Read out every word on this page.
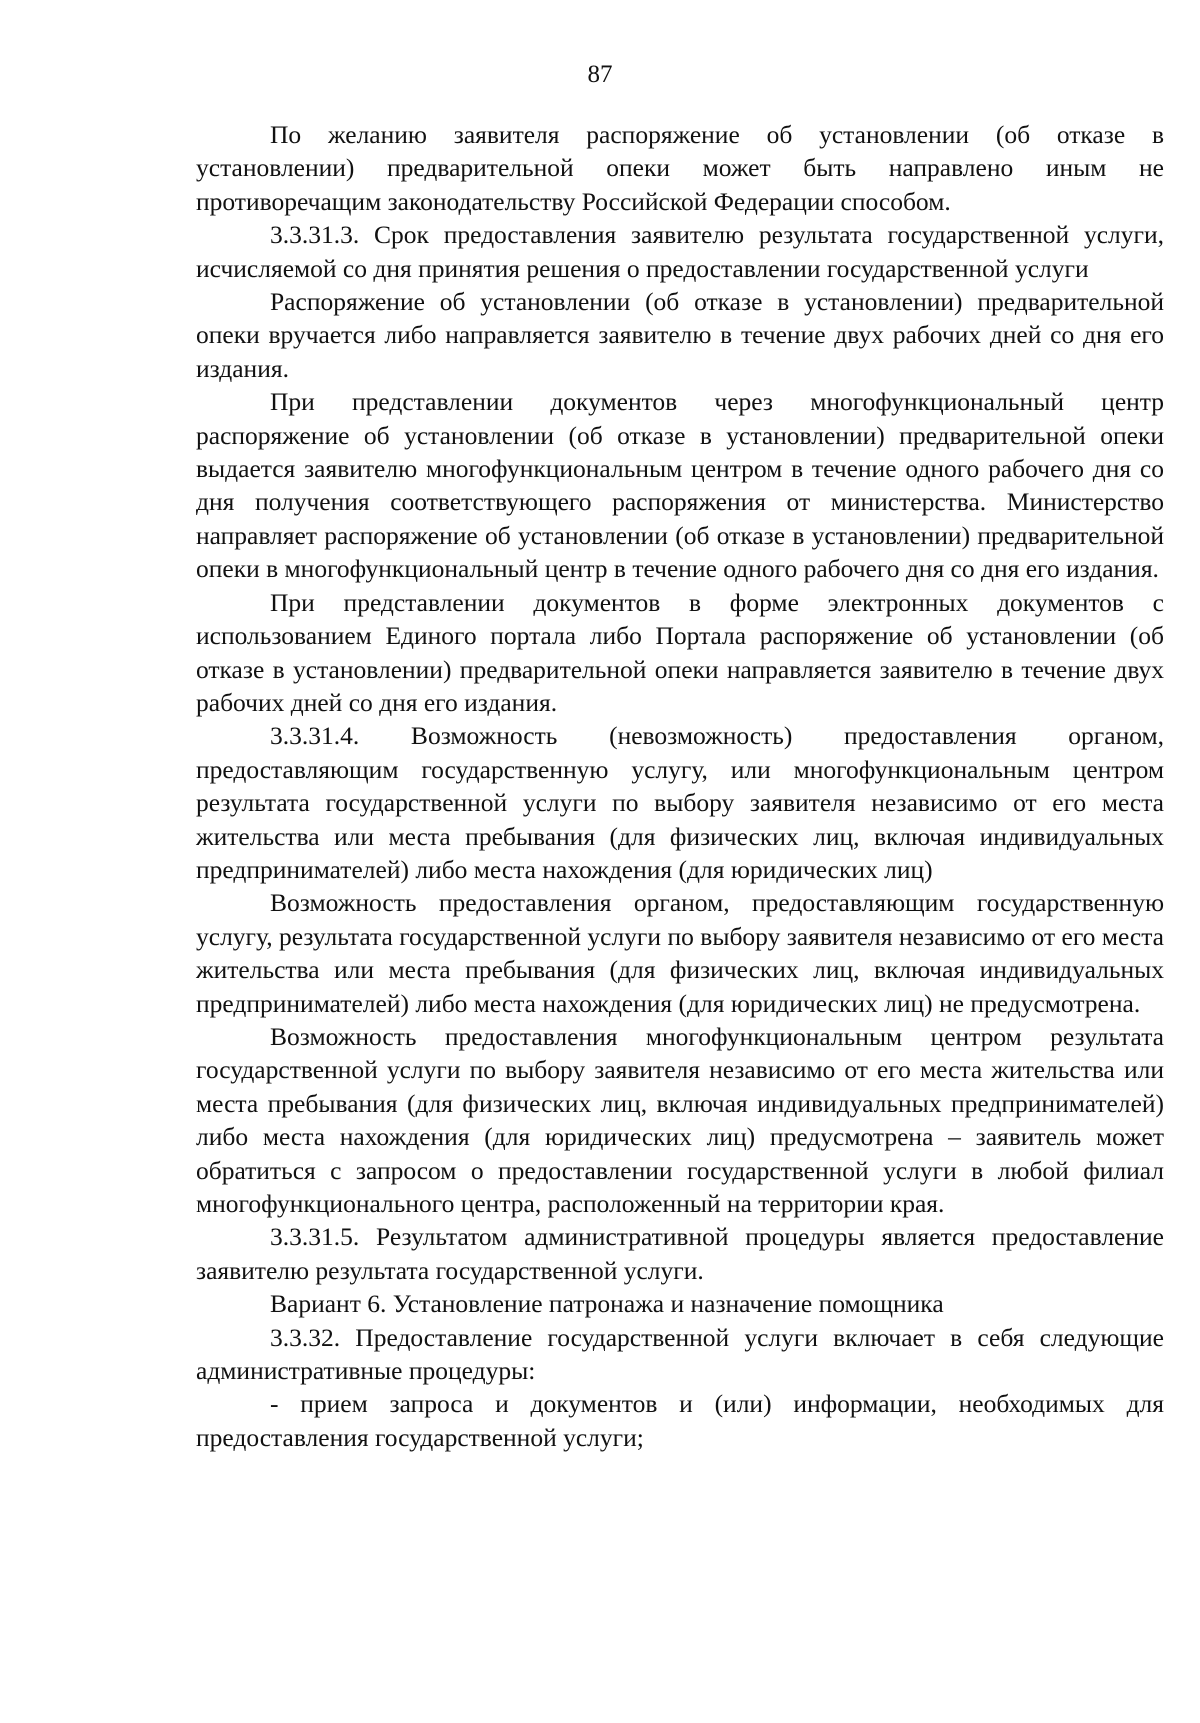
87

По желанию заявителя распоряжение об установлении (об отказе в установлении) предварительной опеки может быть направлено иным не противоречащим законодательству Российской Федерации способом.

3.3.31.3. Срок предоставления заявителю результата государственной услуги, исчисляемой со дня принятия решения о предоставлении государственной услуги

Распоряжение об установлении (об отказе в установлении) предварительной опеки вручается либо направляется заявителю в течение двух рабочих дней со дня его издания.

При представлении документов через многофункциональный центр распоряжение об установлении (об отказе в установлении) предварительной опеки выдается заявителю многофункциональным центром в течение одного рабочего дня со дня получения соответствующего распоряжения от министерства. Министерство направляет распоряжение об установлении (об отказе в установлении) предварительной опеки в многофункциональный центр в течение одного рабочего дня со дня его издания.

При представлении документов в форме электронных документов с использованием Единого портала либо Портала распоряжение об установлении (об отказе в установлении) предварительной опеки направляется заявителю в течение двух рабочих дней со дня его издания.

3.3.31.4. Возможность (невозможность) предоставления органом, предоставляющим государственную услугу, или многофункциональным центром результата государственной услуги по выбору заявителя независимо от его места жительства или места пребывания (для физических лиц, включая индивидуальных предпринимателей) либо места нахождения (для юридических лиц)

Возможность предоставления органом, предоставляющим государственную услугу, результата государственной услуги по выбору заявителя независимо от его места жительства или места пребывания (для физических лиц, включая индивидуальных предпринимателей) либо места нахождения (для юридических лиц) не предусмотрена.

Возможность предоставления многофункциональным центром результата государственной услуги по выбору заявителя независимо от его места жительства или места пребывания (для физических лиц, включая индивидуальных предпринимателей) либо места нахождения (для юридических лиц) предусмотрена – заявитель может обратиться с запросом о предоставлении государственной услуги в любой филиал многофункционального центра, расположенный на территории края.

3.3.31.5. Результатом административной процедуры является предоставление заявителю результата государственной услуги.

Вариант 6. Установление патронажа и назначение помощника

3.3.32. Предоставление государственной услуги включает в себя следующие административные процедуры:

- прием запроса и документов и (или) информации, необходимых для предоставления государственной услуги;
